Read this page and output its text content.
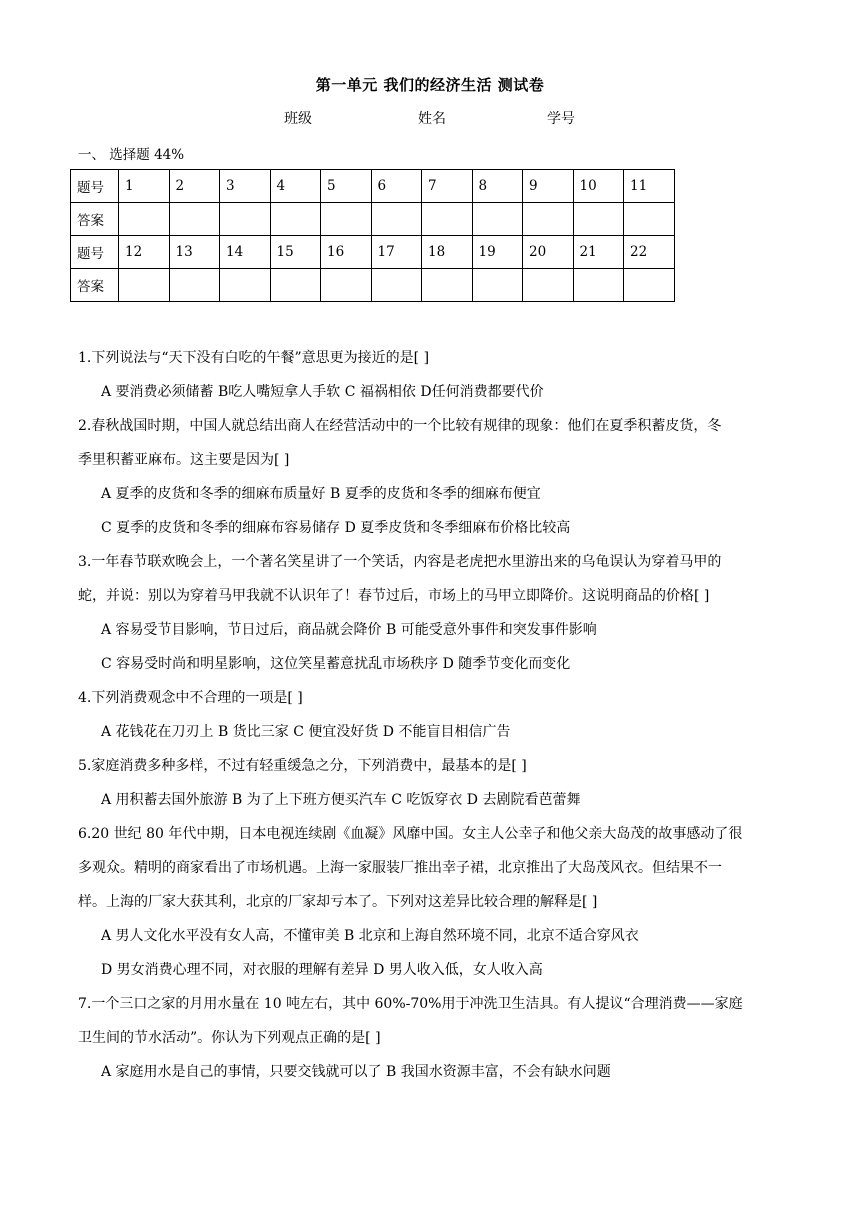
第一单元 我们的经济生活 测试卷
班级	姓名	学号
一、 选择题 44%
题号	1	2	3	4	5	6	7	8	9	10	11
答案											
题号	12	13	14	15	16	17	18	19	20	21	22
答案											
1.下列说法与“天下没有白吃的午餐”意思更为接近的是[ ]
A 要消费必须储蓄 B吃人嘴短拿人手软 C 福祸相依 D任何消费都要代价
2.春秋战国时期，中国人就总结出商人在经营活动中的一个比较有规律的现象：他们在夏季积蓄皮货，冬
季里积蓄亚麻布。这主要是因为[ ]
A 夏季的皮货和冬季的细麻布质量好 B 夏季的皮货和冬季的细麻布便宜
C 夏季的皮货和冬季的细麻布容易储存 D 夏季皮货和冬季细麻布价格比较高
3.一年春节联欢晚会上，一个著名笑星讲了一个笑话，内容是老虎把水里游出来的乌龟误认为穿着马甲的
蛇，并说：别以为穿着马甲我就不认识年了！春节过后，市场上的马甲立即降价。这说明商品的价格[ ]
A 容易受节目影响，节日过后，商品就会降价 B 可能受意外事件和突发事件影响
C 容易受时尚和明星影响，这位笑星蓄意扰乱市场秩序 D 随季节变化而变化
4.下列消费观念中不合理的一项是[ ]
A 花钱花在刀刃上 B 货比三家 C 便宜没好货 D 不能盲目相信广告
5.家庭消费多种多样，不过有轻重缓急之分，下列消费中，最基本的是[ ]
A 用积蓄去国外旅游 B 为了上下班方便买汽车 C 吃饭穿衣 D 去剧院看芭蕾舞
6.20 世纪 80 年代中期，日本电视连续剧《血凝》风靡中国。女主人公幸子和他父亲大岛茂的故事感动了很
多观众。精明的商家看出了市场机遇。上海一家服装厂推出幸子裙，北京推出了大岛茂风衣。但结果不一
样。上海的厂家大获其利，北京的厂家却亏本了。下列对这差异比较合理的解释是[ ]
A 男人文化水平没有女人高，不懂审美 B 北京和上海自然环境不同，北京不适合穿风衣
D 男女消费心理不同，对衣服的理解有差异 D 男人收入低，女人收入高
7.一个三口之家的月用水量在 10 吨左右，其中 60%-70%用于冲洗卫生洁具。有人提议“合理消费——家庭
卫生间的节水活动”。你认为下列观点正确的是[ ]
A 家庭用水是自己的事情，只要交钱就可以了 B 我国水资源丰富，不会有缺水问题
